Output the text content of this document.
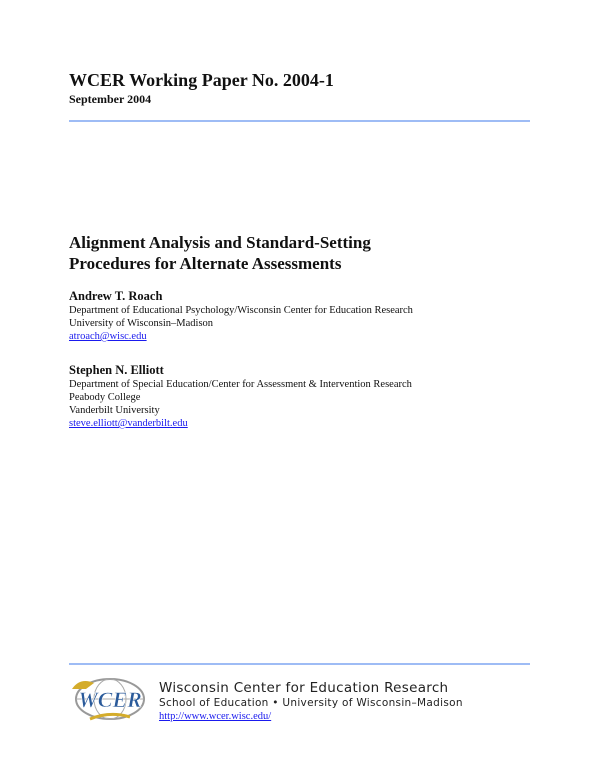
WCER Working Paper No. 2004-1
September 2004
Alignment Analysis and Standard-Setting
Procedures for Alternate Assessments
Andrew T. Roach
Department of Educational Psychology/Wisconsin Center for Education Research
University of Wisconsin–Madison
atroach@wisc.edu
Stephen N. Elliott
Department of Special Education/Center for Assessment & Intervention Research
Peabody College
Vanderbilt University
steve.elliott@vanderbilt.edu
WCER Wisconsin Center for Education Research
School of Education • University of Wisconsin–Madison
http://www.wcer.wisc.edu/
